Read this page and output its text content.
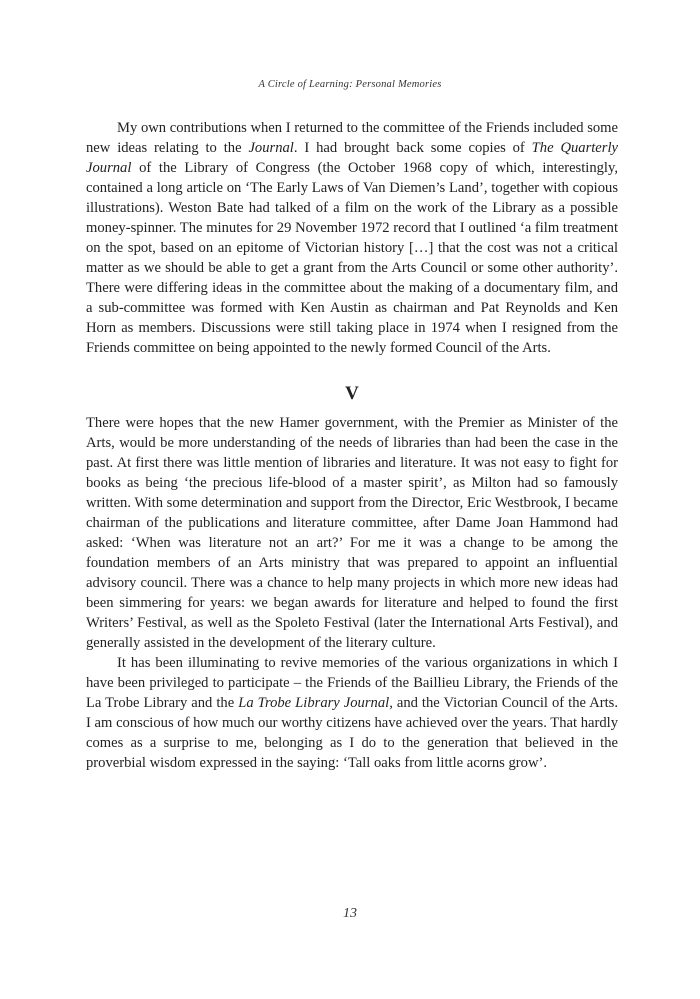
A Circle of Learning: Personal Memories

My own contributions when I returned to the committee of the Friends included some new ideas relating to the Journal. I had brought back some copies of The Quarterly Journal of the Library of Congress (the October 1968 copy of which, interestingly, contained a long article on ‘The Early Laws of Van Diemen’s Land’, together with copious illustrations). Weston Bate had talked of a film on the work of the Library as a possible money-spinner. The minutes for 29 November 1972 record that I outlined ‘a film treatment on the spot, based on an epitome of Victorian history […] that the cost was not a critical matter as we should be able to get a grant from the Arts Council or some other authority’. There were differing ideas in the committee about the making of a documentary film, and a sub-committee was formed with Ken Austin as chairman and Pat Reynolds and Ken Horn as members. Discussions were still taking place in 1974 when I resigned from the Friends committee on being appointed to the newly formed Council of the Arts.

V

There were hopes that the new Hamer government, with the Premier as Minister of the Arts, would be more understanding of the needs of libraries than had been the case in the past. At first there was little mention of libraries and literature. It was not easy to fight for books as being ‘the precious life-blood of a master spirit’, as Milton had so famously written. With some determination and support from the Director, Eric Westbrook, I became chairman of the publications and literature committee, after Dame Joan Hammond had asked: ‘When was literature not an art?’ For me it was a change to be among the foundation members of an Arts ministry that was prepared to appoint an influential advisory council. There was a chance to help many projects in which more new ideas had been simmering for years: we began awards for literature and helped to found the first Writers’ Festival, as well as the Spoleto Festival (later the International Arts Festival), and generally assisted in the development of the literary culture.

It has been illuminating to revive memories of the various organizations in which I have been privileged to participate – the Friends of the Baillieu Library, the Friends of the La Trobe Library and the La Trobe Library Journal, and the Victorian Council of the Arts. I am conscious of how much our worthy citizens have achieved over the years. That hardly comes as a surprise to me, belonging as I do to the generation that believed in the proverbial wisdom expressed in the saying: ‘Tall oaks from little acorns grow’.

13
